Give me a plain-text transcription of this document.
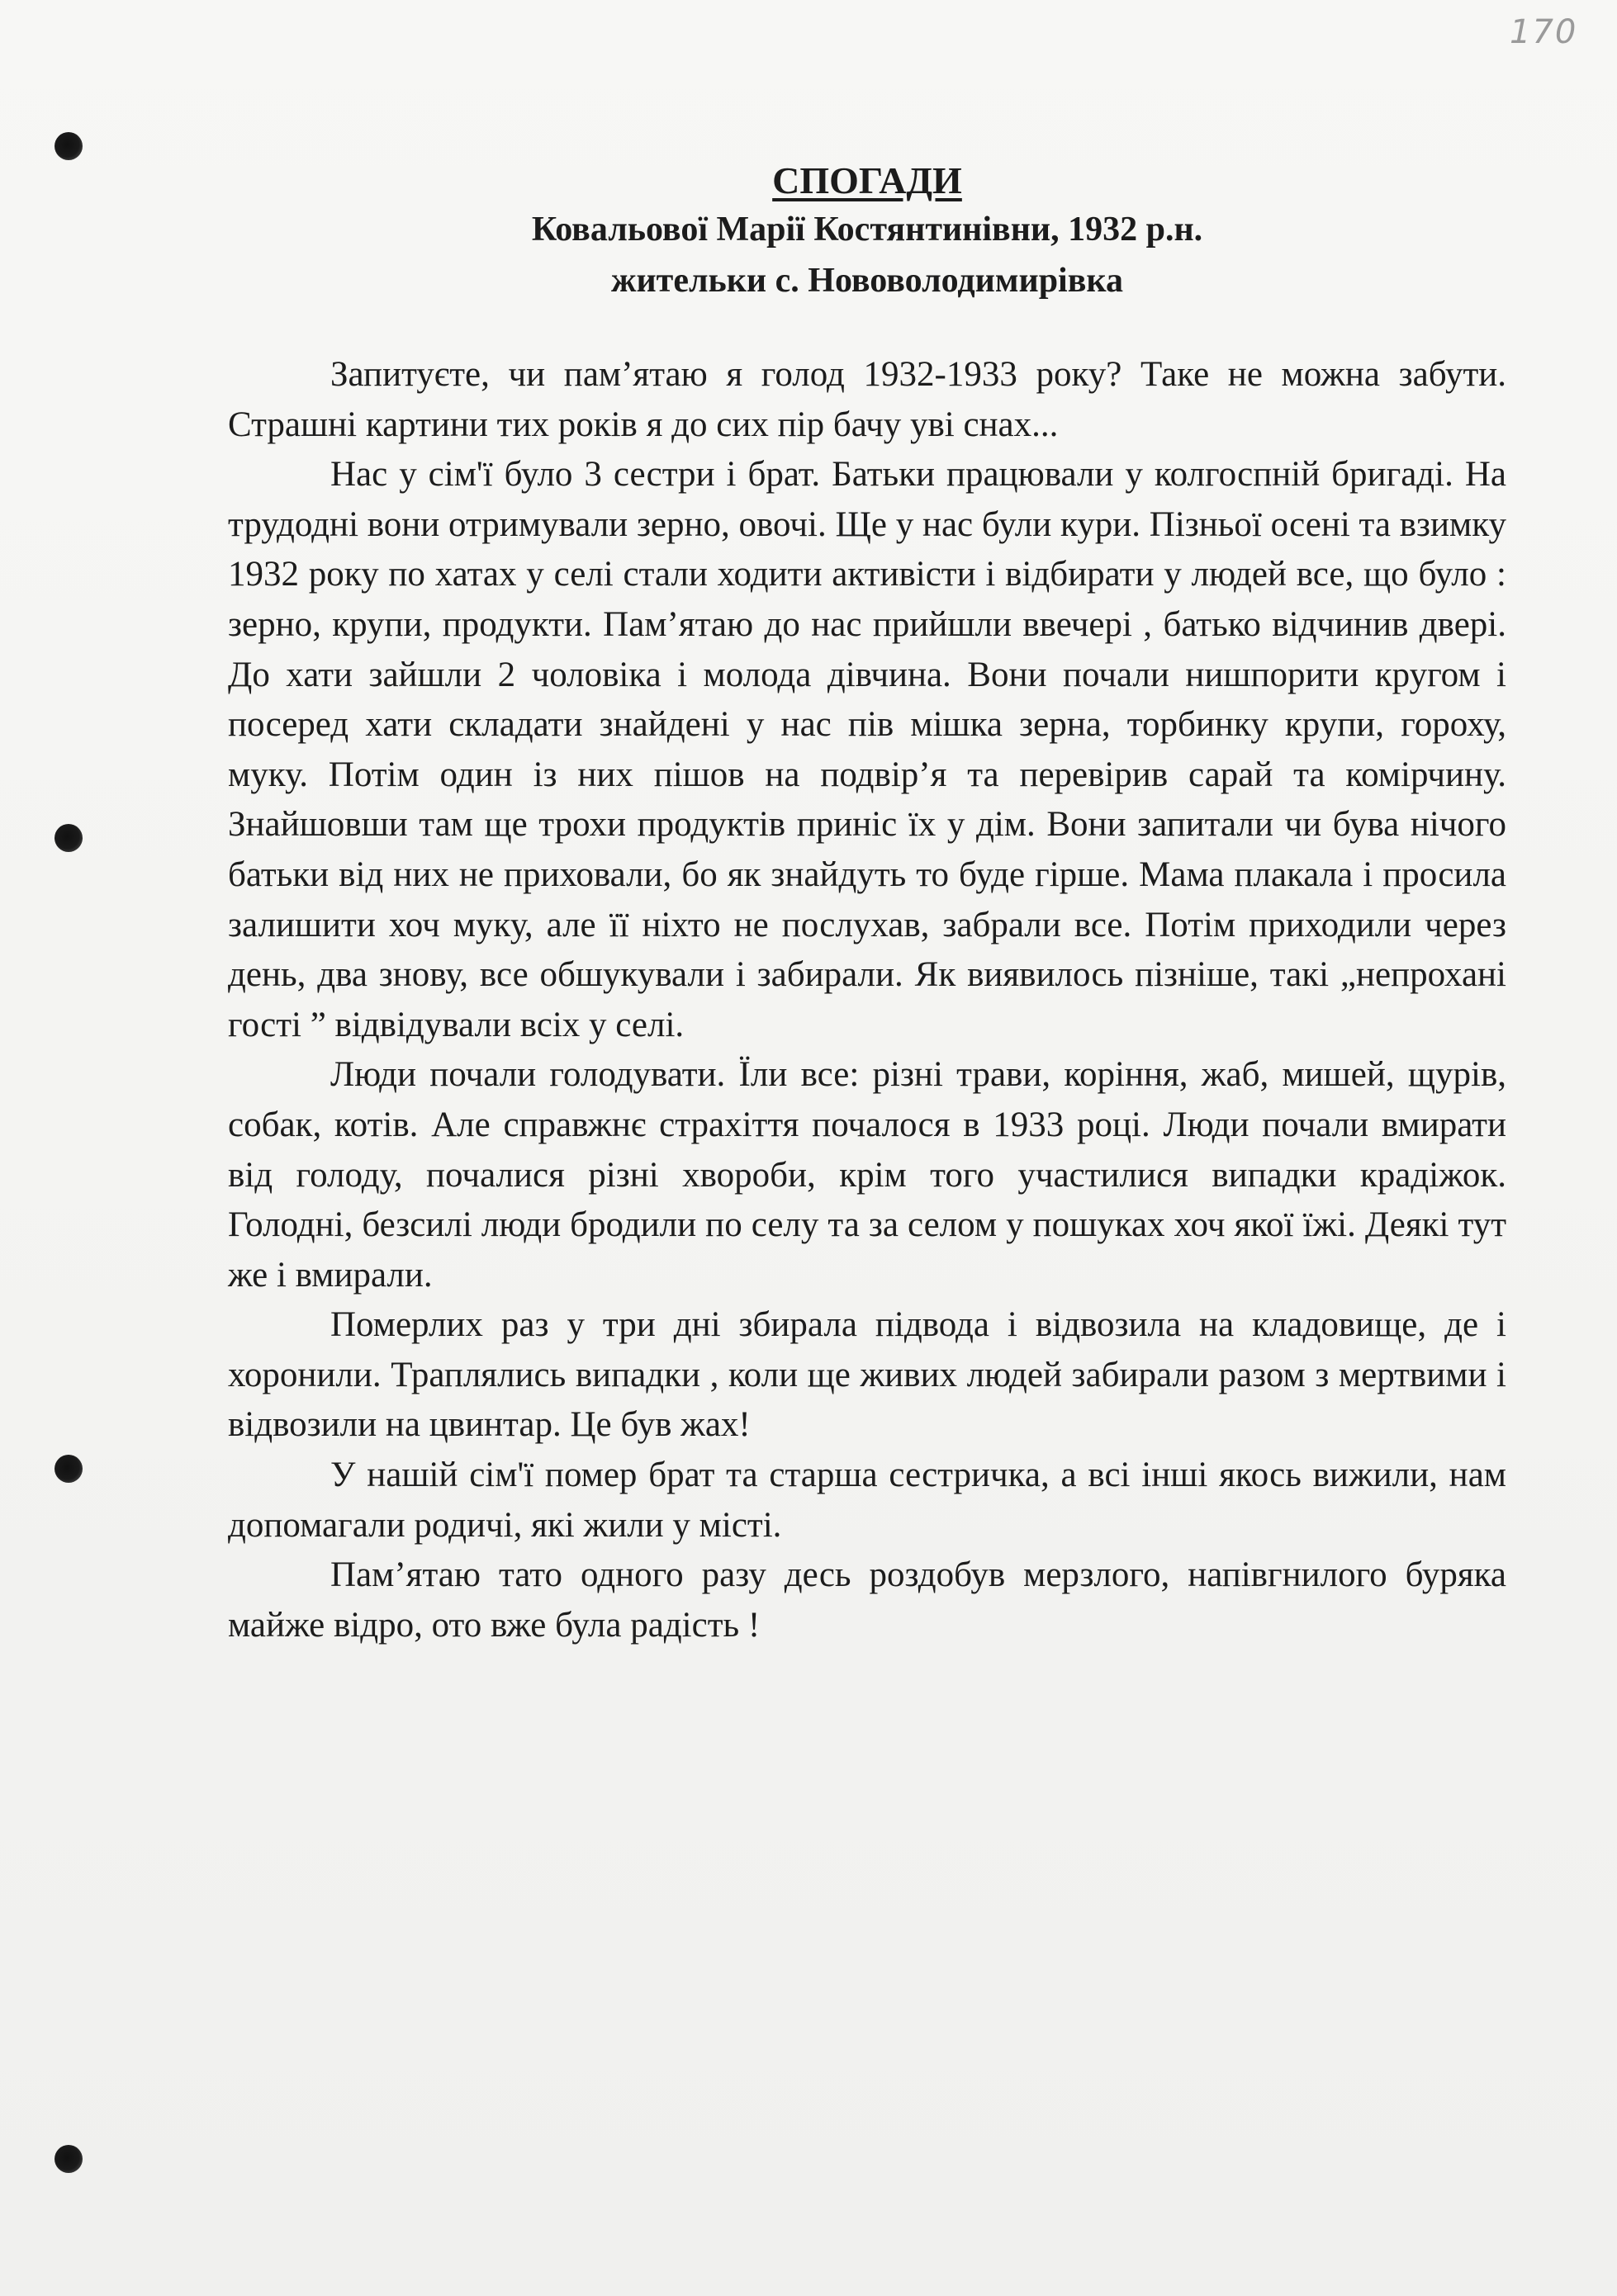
170
СПОГАДИ
Ковальової Марії Костянтинівни, 1932 р.н.
жительки с. Нововолодимирівка

Запитуєте, чи пам’ятаю я голод 1932-1933 року? Таке не можна забути. Страшні картини тих років я до сих пір бачу уві снах...

Нас у сім'ї було 3 сестри і брат. Батьки працювали у колгоспній бригаді. На трудодні вони отримували зерно, овочі. Ще у нас були кури. Пізньої осені та взимку 1932 року по хатах у селі стали ходити активісти і відбирати у людей все, що було : зерно, крупи, продукти. Пам’ятаю до нас прийшли ввечері , батько відчинив двері. До хати зайшли 2 чоловіка і молода дівчина. Вони почали нишпорити кругом і посеред хати складати знайдені у нас пів мішка зерна, торбинку крупи, гороху, муку. Потім один із них пішов на подвір’я та перевірив сарай та комірчину. Знайшовши там ще трохи продуктів приніс їх у дім. Вони запитали чи бува нічого батьки від них не приховали, бо як знайдуть то буде гірше. Мама плакала і просила залишити хоч муку, але її ніхто не послухав, забрали все. Потім приходили через день, два знову, все обшукували і забирали. Як виявилось пізніше, такі „непрохані гості ” відвідували всіх у селі.

Люди почали голодувати. Їли все: різні трави, коріння, жаб, мишей, щурів, собак, котів. Але справжнє страхіття почалося в 1933 році. Люди почали вмирати від голоду, почалися різні хвороби, крім того участилися випадки крадіжок. Голодні, безсилі люди бродили по селу та за селом у пошуках хоч якої їжі. Деякі тут же і вмирали.

Померлих раз у три дні збирала підвода і відвозила на кладовище, де і хоронили. Траплялись випадки , коли ще живих людей забирали разом з мертвими і відвозили на цвинтар. Це був жах!

У нашій сім'ї помер брат та старша сестричка, а всі інші якось вижили, нам допомагали родичі, які жили у місті.

Пам’ятаю тато одного разу десь роздобув мерзлого, напівгнилого буряка майже відро, ото вже була радість !
